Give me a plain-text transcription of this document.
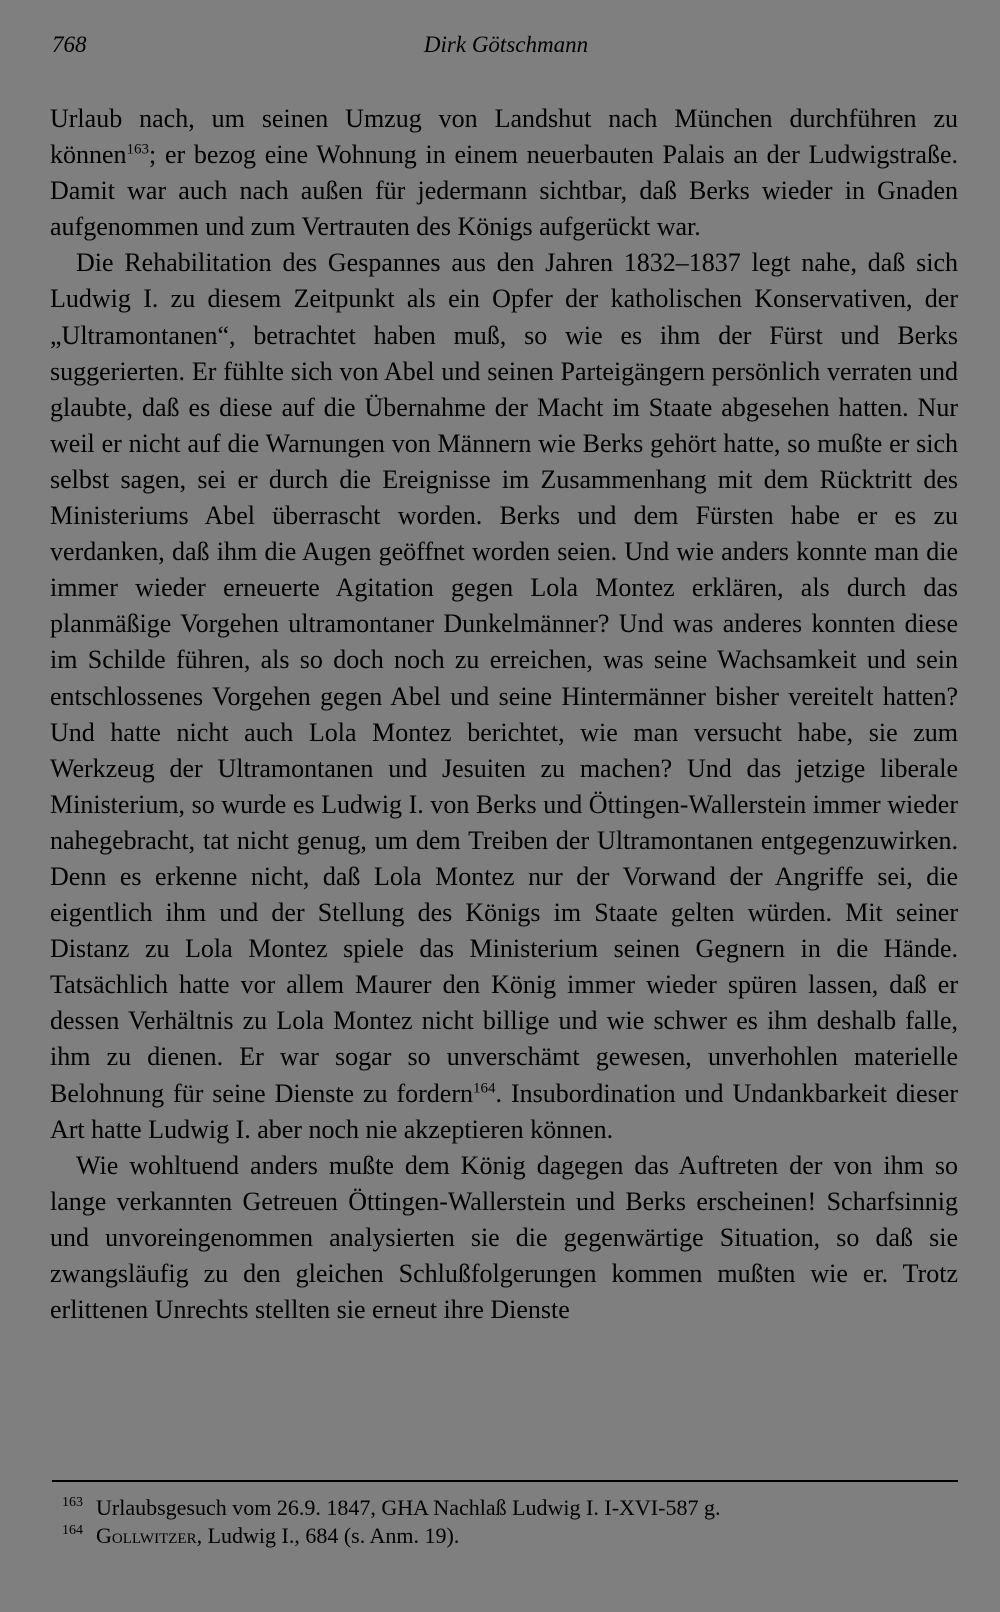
768	Dirk Götschmann

Urlaub nach, um seinen Umzug von Landshut nach München durchführen zu können$^{163}$; er bezog eine Wohnung in einem neuerbauten Palais an der Ludwigstraße. Damit war auch nach außen für jedermann sichtbar, daß Berks wieder in Gnaden aufgenommen und zum Vertrauten des Königs aufgerückt war.

Die Rehabilitation des Gespannes aus den Jahren 1832–1837 legt nahe, daß sich Ludwig I. zu diesem Zeitpunkt als ein Opfer der katholischen Konservativen, der „Ultramontanen“, betrachtet haben muß, so wie es ihm der Fürst und Berks suggerierten. Er fühlte sich von Abel und seinen Parteigängern persönlich verraten und glaubte, daß es diese auf die Übernahme der Macht im Staate abgesehen hatten. Nur weil er nicht auf die Warnungen von Männern wie Berks gehört hatte, so mußte er sich selbst sagen, sei er durch die Ereignisse im Zusammenhang mit dem Rücktritt des Ministeriums Abel überrascht worden. Berks und dem Fürsten habe er es zu verdanken, daß ihm die Augen geöffnet worden seien. Und wie anders konnte man die immer wieder erneuerte Agitation gegen Lola Montez erklären, als durch das planmäßige Vorgehen ultramontaner Dunkelmänner? Und was anderes konnten diese im Schilde führen, als so doch noch zu erreichen, was seine Wachsamkeit und sein entschlossenes Vorgehen gegen Abel und seine Hintermänner bisher vereitelt hatten? Und hatte nicht auch Lola Montez berichtet, wie man versucht habe, sie zum Werkzeug der Ultramontanen und Jesuiten zu machen? Und das jetzige liberale Ministerium, so wurde es Ludwig I. von Berks und Öttingen-Wallerstein immer wieder nahegebracht, tat nicht genug, um dem Treiben der Ultramontanen entgegenzuwirken. Denn es erkenne nicht, daß Lola Montez nur der Vorwand der Angriffe sei, die eigentlich ihm und der Stellung des Königs im Staate gelten würden. Mit seiner Distanz zu Lola Montez spiele das Ministerium seinen Gegnern in die Hände. Tatsächlich hatte vor allem Maurer den König immer wieder spüren lassen, daß er dessen Verhältnis zu Lola Montez nicht billige und wie schwer es ihm deshalb falle, ihm zu dienen. Er war sogar so unverschämt gewesen, unverhohlen materielle Belohnung für seine Dienste zu fordern$^{164}$. Insubordination und Undankbarkeit dieser Art hatte Ludwig I. aber noch nie akzeptieren können.

Wie wohltuend anders mußte dem König dagegen das Auftreten der von ihm so lange verkannten Getreuen Öttingen-Wallerstein und Berks erscheinen! Scharfsinnig und unvoreingenommen analysierten sie die gegenwärtige Situation, so daß sie zwangsläufig zu den gleichen Schlußfolgerungen kommen mußten wie er. Trotz erlittenen Unrechts stellten sie erneut ihre Dienste

163 Urlaubsgesuch vom 26.9. 1847, GHA Nachlaß Ludwig I. I-XVI-587 g.
164 Gollwitzer, Ludwig I., 684 (s. Anm. 19).
